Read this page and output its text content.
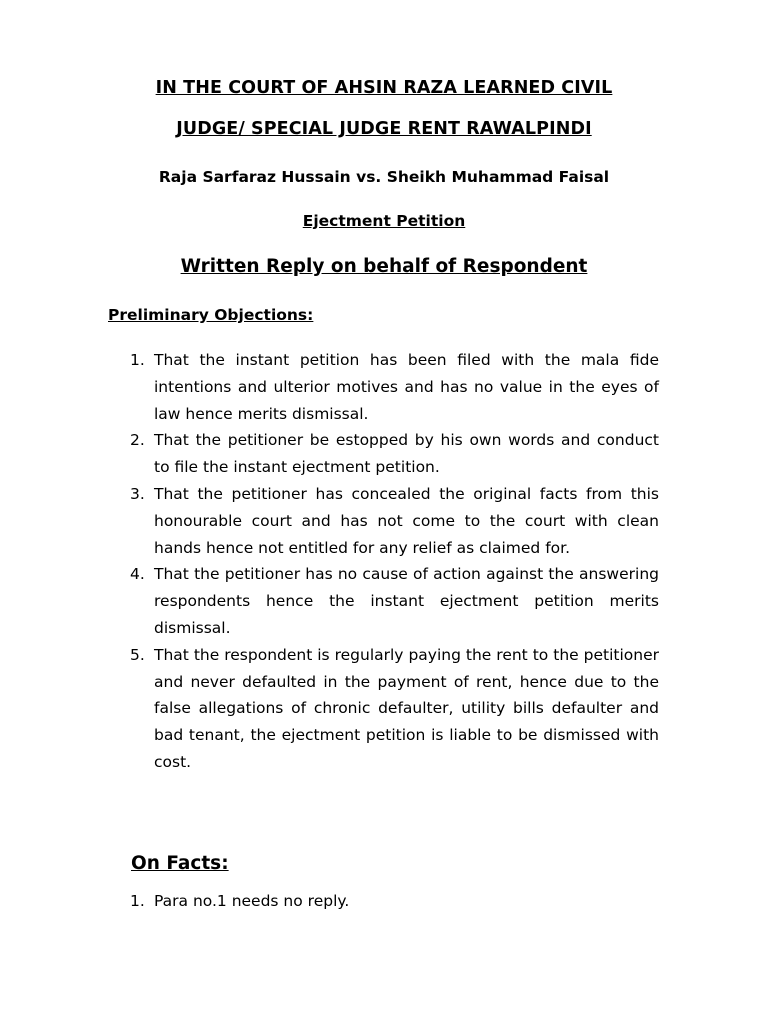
IN THE COURT OF AHSIN RAZA LEARNED CIVIL
JUDGE/ SPECIAL JUDGE RENT RAWALPINDI
Raja Sarfaraz Hussain vs. Sheikh Muhammad Faisal
Ejectment Petition
Written Reply on behalf of Respondent
Preliminary Objections:
1. That the instant petition has been filed with the mala fide intentions and ulterior motives and has no value in the eyes of law hence merits dismissal.
2. That the petitioner be estopped by his own words and conduct to file the instant ejectment petition.
3. That the petitioner has concealed the original facts from this honourable court and has not come to the court with clean hands hence not entitled for any relief as claimed for.
4. That the petitioner has no cause of action against the answering respondents hence the instant ejectment petition merits dismissal.
5. That the respondent is regularly paying the rent to the petitioner and never defaulted in the payment of rent, hence due to the false allegations of chronic defaulter, utility bills defaulter and bad tenant, the ejectment petition is liable to be dismissed with cost.
On Facts:
1. Para no.1 needs no reply.
